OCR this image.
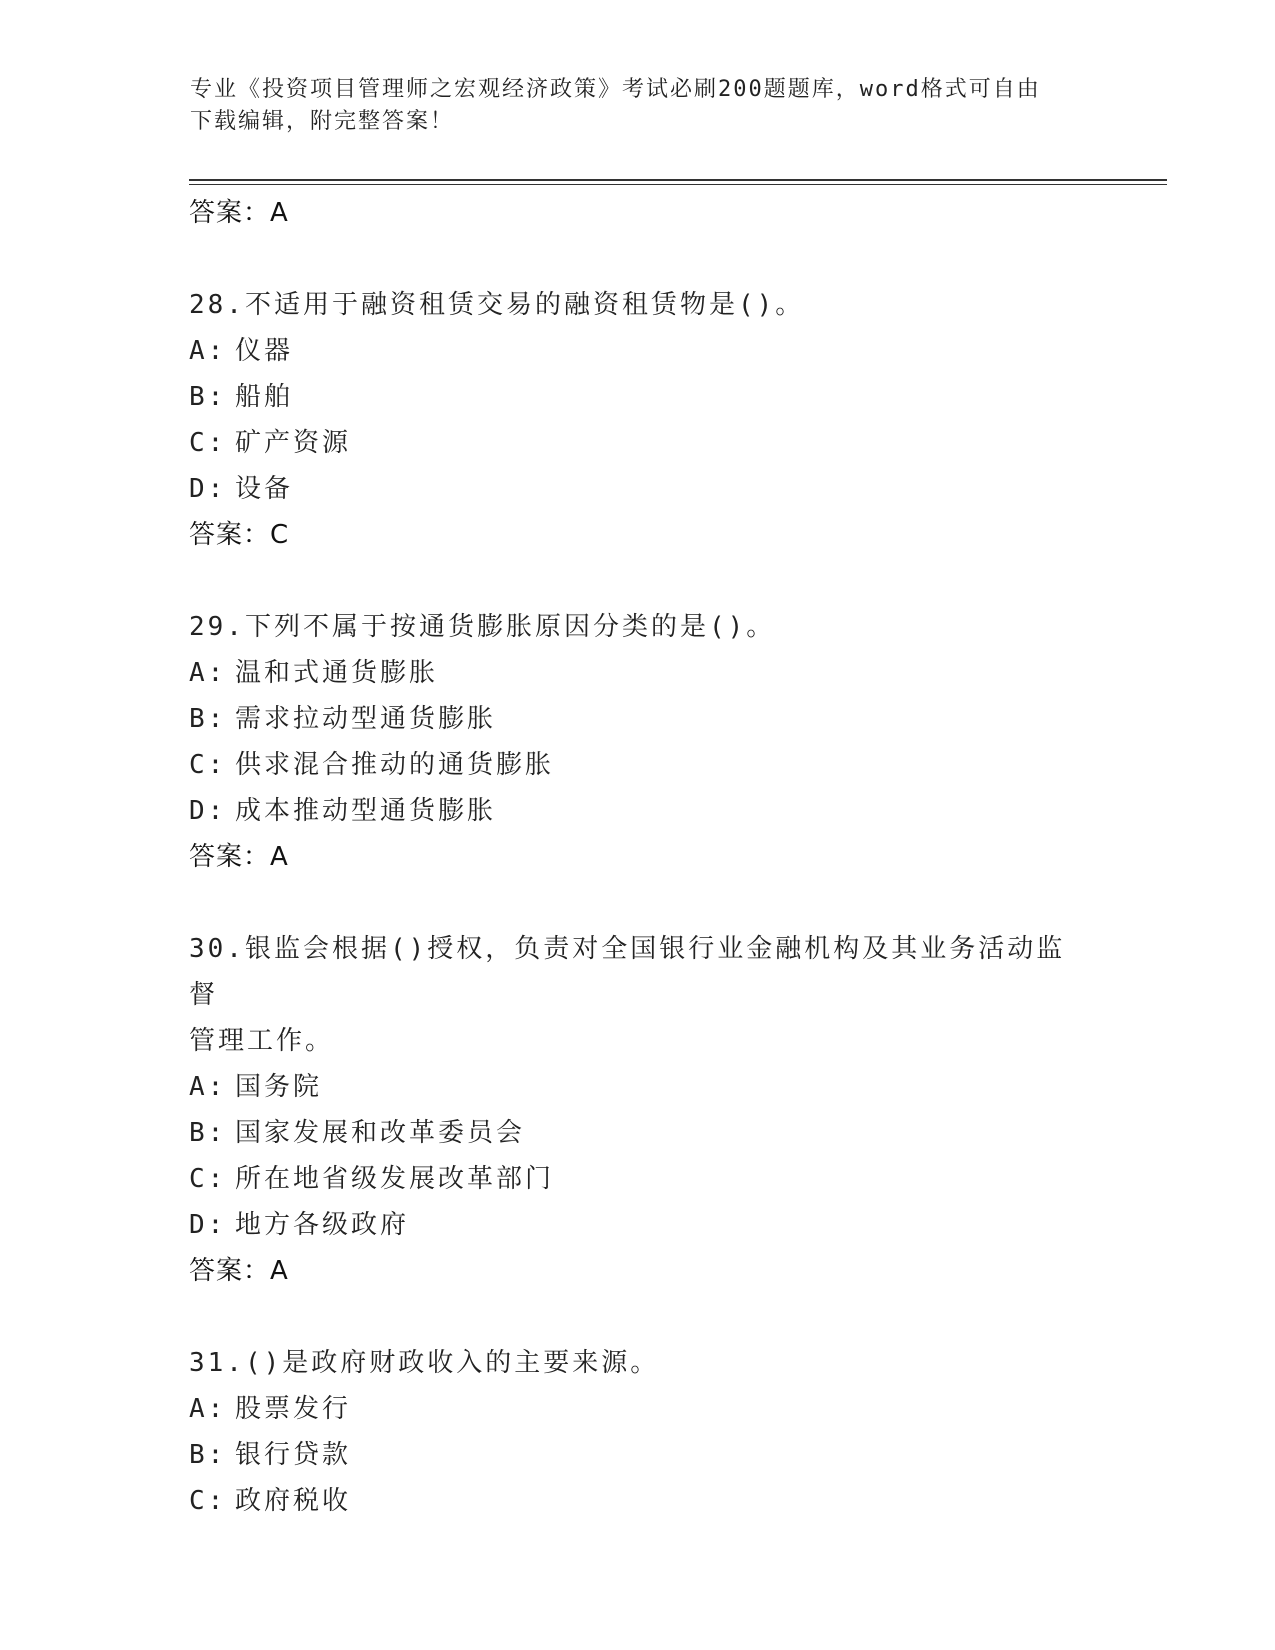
专业《投资项目管理师之宏观经济政策》考试必刷200题题库，word格式可自由
下载编辑，附完整答案！
答案：A
28.不适用于融资租赁交易的融资租赁物是()。
A: 仪器
B: 船舶
C: 矿产资源
D: 设备
答案：C
29.下列不属于按通货膨胀原因分类的是()。
A: 温和式通货膨胀
B: 需求拉动型通货膨胀
C: 供求混合推动的通货膨胀
D: 成本推动型通货膨胀
答案：A
30.银监会根据()授权，负责对全国银行业金融机构及其业务活动监督
管理工作。
A: 国务院
B: 国家发展和改革委员会
C: 所在地省级发展改革部门
D: 地方各级政府
答案：A
31.()是政府财政收入的主要来源。
A: 股票发行
B: 银行贷款
C: 政府税收
